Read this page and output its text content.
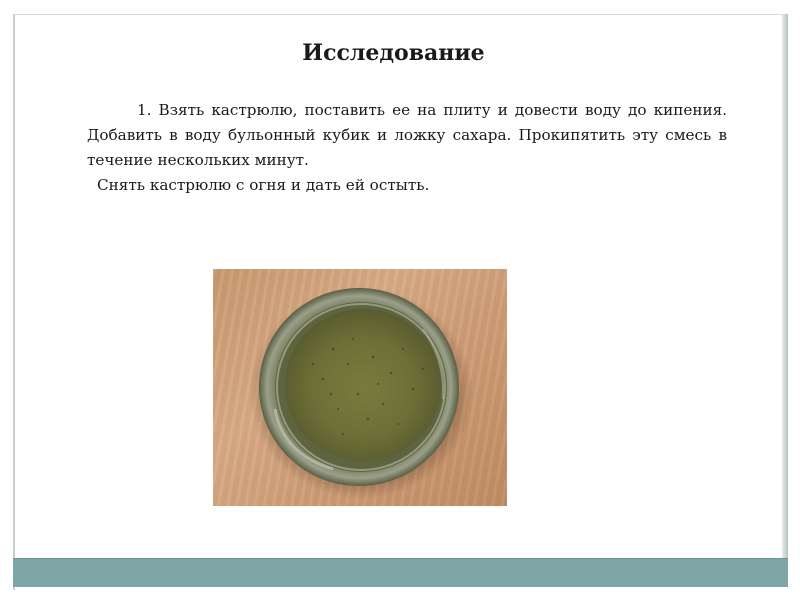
Исследование

1. Взять кастрюлю, поставить ее на плиту и довести воду до кипения. Добавить в воду бульонный кубик и ложку сахара. Прокипятить эту смесь в течение нескольких минут.

Снять кастрюлю с огня и дать ей остыть.
